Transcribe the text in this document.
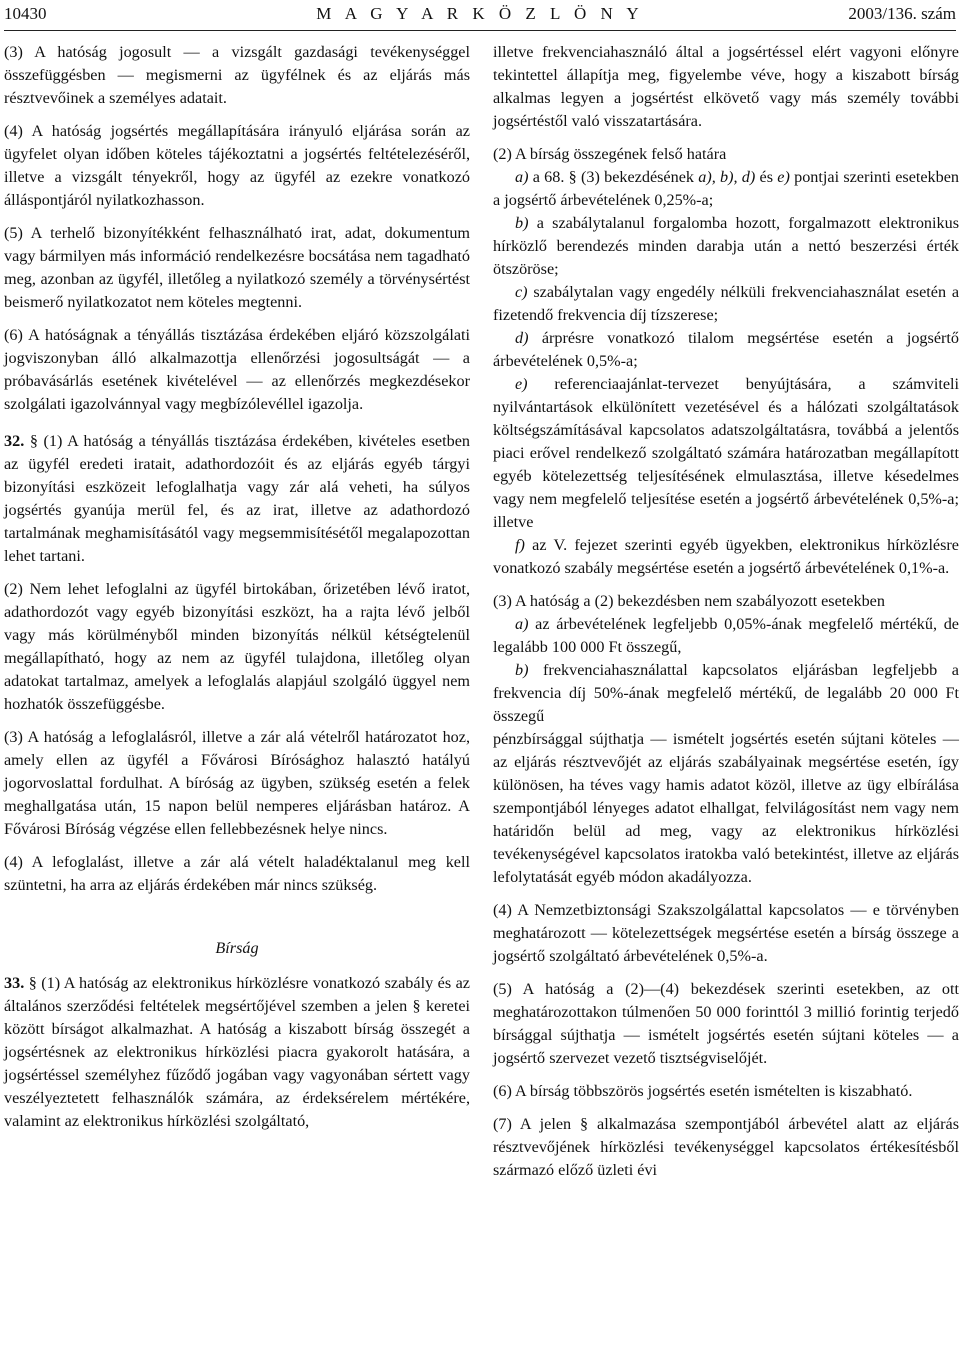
10430	M A G Y A R K Ö Z L Ö N Y	2003/136. szám

(3) A hatóság jogosult — a vizsgált gazdasági tevékenységgel összefüggésben — megismerni az ügyfélnek és az eljárás más résztvevőinek a személyes adatait.

(4) A hatóság jogsértés megállapítására irányuló eljárása során az ügyfelet olyan időben köteles tájékoztatni a jogsértés feltételezéséről, illetve a vizsgált tényekről, hogy az ügyfél az ezekre vonatkozó álláspontjáról nyilatkozhasson.

(5) A terhelő bizonyítékként felhasználható irat, adat, dokumentum vagy bármilyen más információ rendelkezésre bocsátása nem tagadható meg, azonban az ügyfél, illetőleg a nyilatkozó személy a törvénysértést beismerő nyilatkozatot nem köteles megtenni.

(6) A hatóságnak a tényállás tisztázása érdekében eljáró közszolgálati jogviszonyban álló alkalmazottja ellenőrzési jogosultságát — a próbavásárlás esetének kivételével — az ellenőrzés megkezdésekor szolgálati igazolvánnyal vagy megbízólevéllel igazolja.

32. § (1) A hatóság a tényállás tisztázása érdekében, kivételes esetben az ügyfél eredeti iratait, adathordozóit és az eljárás egyéb tárgyi bizonyítási eszközeit lefoglalhatja vagy zár alá veheti, ha súlyos jogsértés gyanúja merül fel, és az irat, illetve az adathordozó tartalmának meghamisításától vagy megsemmisítésétől megalapozottan lehet tartani.

(2) Nem lehet lefoglalni az ügyfél birtokában, őrizetében lévő iratot, adathordozót vagy egyéb bizonyítási eszközt, ha a rajta lévő jelből vagy más körülményből minden bizonyítás nélkül kétségtelenül megállapítható, hogy az nem az ügyfél tulajdona, illetőleg olyan adatokat tartalmaz, amelyek a lefoglalás alapjául szolgáló üggyel nem hozhatók összefüggésbe.

(3) A hatóság a lefoglalásról, illetve a zár alá vételről határozatot hoz, amely ellen az ügyfél a Fővárosi Bírósághoz halasztó hatályú jogorvoslattal fordulhat. A bíróság az ügyben, szükség esetén a felek meghallgatása után, 15 napon belül nemperes eljárásban határoz. A Fővárosi Bíróság végzése ellen fellebbezésnek helye nincs.

(4) A lefoglalást, illetve a zár alá vételt haladéktalanul meg kell szüntetni, ha arra az eljárás érdekében már nincs szükség.

Bírság

33. § (1) A hatóság az elektronikus hírközlésre vonatkozó szabály és az általános szerződési feltételek megsértőjével szemben a jelen § keretei között bírságot alkalmazhat. A hatóság a kiszabott bírság összegét a jogsértésnek az elektronikus hírközlési piacra gyakorolt hatására, a jogsértéssel személyhez fűződő jogában vagy vagyonában sértett vagy veszélyeztetett felhasználók számára, az érdeksérelem mértékére, valamint az elektronikus hírközlési szolgáltató,

illetve frekvenciahasználó által a jogsértéssel elért vagyoni előnyre tekintettel állapítja meg, figyelembe véve, hogy a kiszabott bírság alkalmas legyen a jogsértést elkövető vagy más személy további jogsértéstől való visszatartására.

(2) A bírság összegének felső határa

a) a 68. § (3) bekezdésének a), b), d) és e) pontjai szerinti esetekben a jogsértő árbevételének 0,25%-a;

b) a szabálytalanul forgalomba hozott, forgalmazott elektronikus hírközlő berendezés minden darabja után a nettó beszerzési érték ötszöröse;

c) szabálytalan vagy engedély nélküli frekvenciahasználat esetén a fizetendő frekvencia díj tízszerese;

d) árprésre vonatkozó tilalom megsértése esetén a jogsértő árbevételének 0,5%-a;

e) referenciaajánlat-tervezet benyújtására, a számviteli nyilvántartások elkülönített vezetésével és a hálózati szolgáltatások költségszámításával kapcsolatos adatszolgáltatásra, továbbá a jelentős piaci erővel rendelkező szolgáltató számára határozatban megállapított egyéb kötelezettség teljesítésének elmulasztása, illetve késedelmes vagy nem megfelelő teljesítése esetén a jogsértő árbevételének 0,5%-a; illetve

f) az V. fejezet szerinti egyéb ügyekben, elektronikus hírközlésre vonatkozó szabály megsértése esetén a jogsértő árbevételének 0,1%-a.

(3) A hatóság a (2) bekezdésben nem szabályozott esetekben

a) az árbevételének legfeljebb 0,05%-ának megfelelő mértékű, de legalább 100 000 Ft összegű,

b) frekvenciahasználattal kapcsolatos eljárásban legfeljebb a frekvencia díj 50%-ának megfelelő mértékű, de legalább 20 000 Ft összegű

pénzbírsággal sújthatja — ismételt jogsértés esetén sújtani köteles — az eljárás résztvevőjét az eljárás szabályainak megsértése esetén, így különösen, ha téves vagy hamis adatot közöl, illetve az ügy elbírálása szempontjából lényeges adatot elhallgat, felvilágosítást nem vagy nem határidőn belül ad meg, vagy az elektronikus hírközlési tevékenységével kapcsolatos iratokba való betekintést, illetve az eljárás lefolytatását egyéb módon akadályozza.

(4) A Nemzetbiztonsági Szakszolgálattal kapcsolatos — e törvényben meghatározott — kötelezettségek megsértése esetén a bírság összege a jogsértő szolgáltató árbevételének 0,5%-a.

(5) A hatóság a (2)—(4) bekezdések szerinti esetekben, az ott meghatározottakon túlmenően 50 000 forinttól 3 millió forintig terjedő bírsággal sújthatja — ismételt jogsértés esetén sújtani köteles — a jogsértő szervezet vezető tisztségviselőjét.

(6) A bírság többszörös jogsértés esetén ismételten is kiszabható.

(7) A jelen § alkalmazása szempontjából árbevétel alatt az eljárás résztvevőjének hírközlési tevékenységgel kapcsolatos értékesítésből származó előző üzleti évi
